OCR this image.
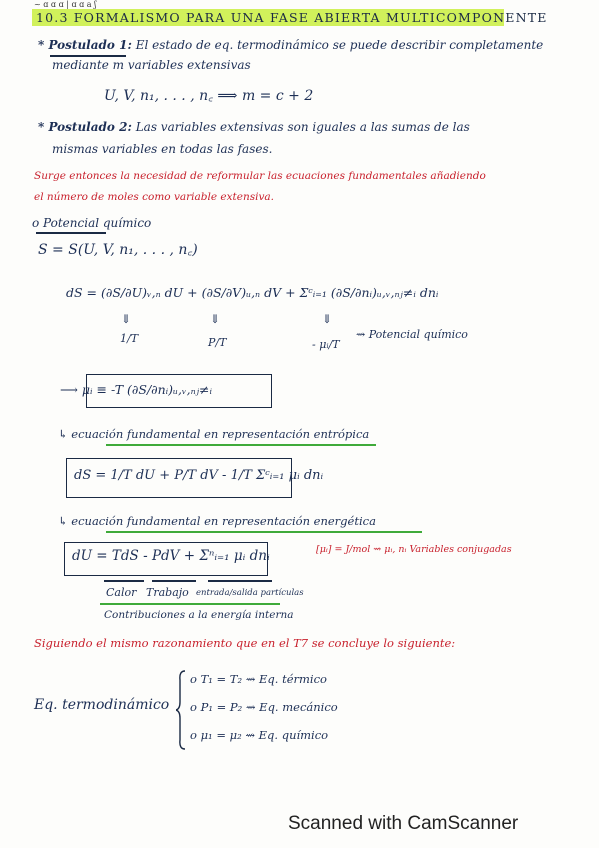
~ ɑ ɑ ɑ | ɑ ɑ a ʃ
10.3 FORMALISMO PARA UNA FASE ABIERTA MULTICOMPONENTE
* Postulado 1: El estado de eq. termodinámico se puede describir completamente
mediante m variables extensivas
U, V, n₁, . . . , n꜀ ⟹ m = c + 2
* Postulado 2: Las variables extensivas son iguales a las sumas de las
mismas variables en todas las fases.
Surge entonces la necesidad de reformular las ecuaciones fundamentales añadiendo
el número de moles como variable extensiva.
o Potencial químico
S = S(U, V, n₁, . . . , n꜀)
dS = (∂S/∂U)ᵥ,ₙ dU + (∂S/∂V)ᵤ,ₙ dV + Σᶜᵢ₌₁ (∂S/∂nᵢ)ᵤ,ᵥ,ₙⱼ≠ᵢ dnᵢ
⇓	⇓	⇓
1/T	P/T	- μᵢ/T
⇝ Potencial químico
⟶ μᵢ ≡ -T (∂S/∂nᵢ)ᵤ,ᵥ,ₙⱼ≠ᵢ
↳ ecuación fundamental en representación entrópica
dS = 1/T dU + P/T dV - 1/T Σᶜᵢ₌₁ μᵢ dnᵢ
↳ ecuación fundamental en representación energética
dU = TdS - PdV + Σⁿᵢ₌₁ μᵢ dnᵢ	[μᵢ] = J/mol ⇝ μᵢ, nᵢ Variables conjugadas
Calor Trabajo entrada/salida partículas
Contribuciones a la energía interna
Siguiendo el mismo razonamiento que en el T7 se concluye lo siguiente:
Eq. termodinámico
o T₁ = T₂ ⇝ Eq. térmico
o P₁ = P₂ ⇝ Eq. mecánico
o μ₁ = μ₂ ⇝ Eq. químico
Scanned with CamScanner
